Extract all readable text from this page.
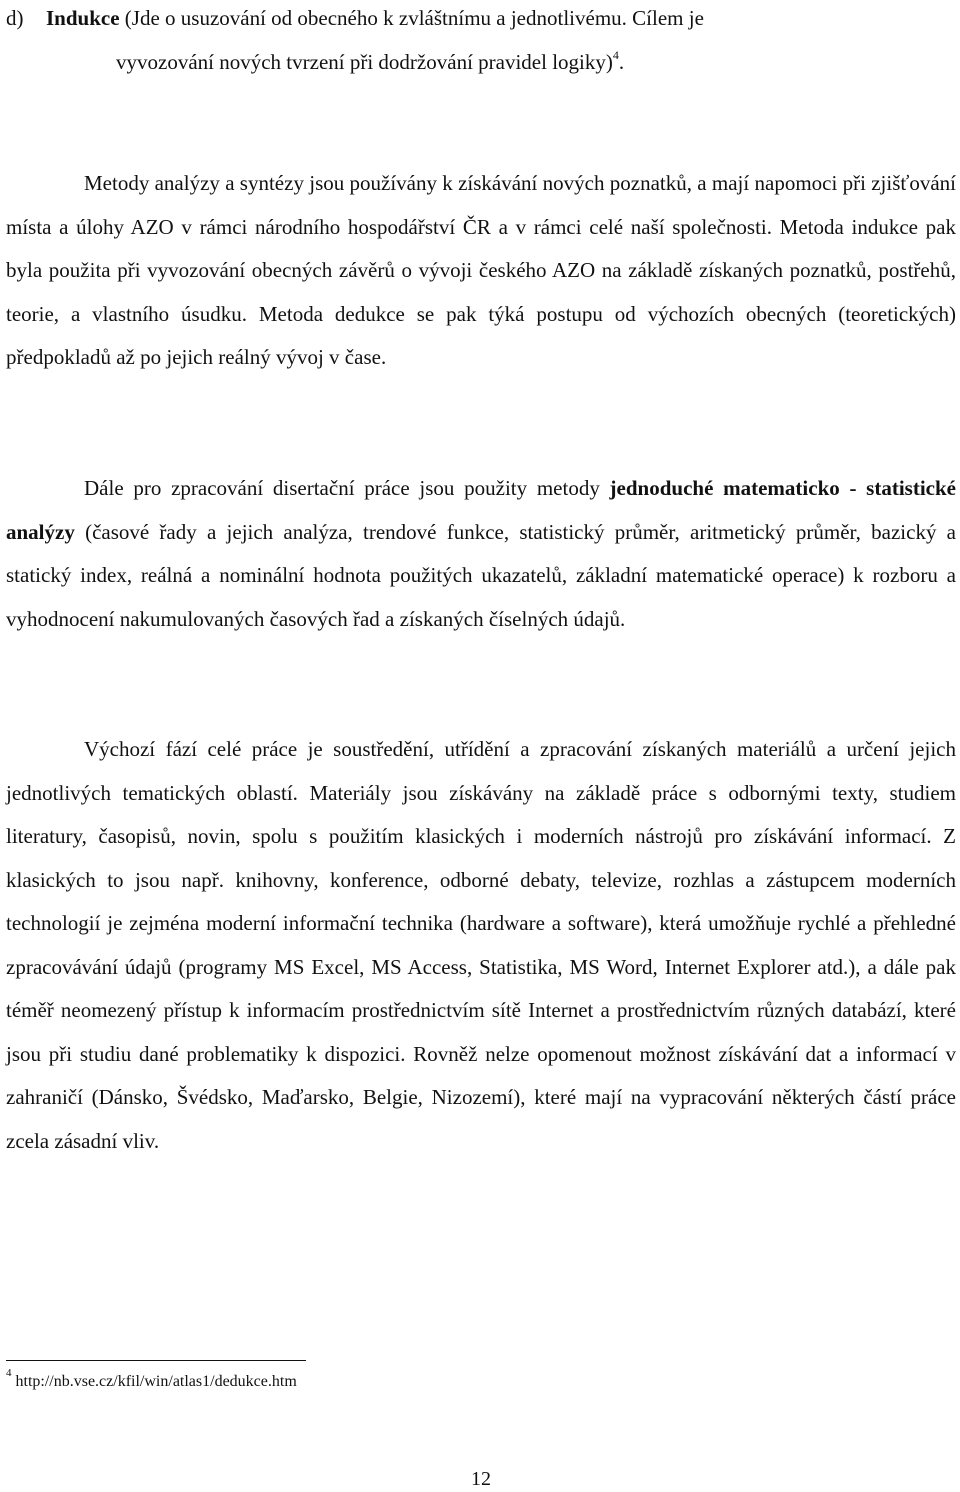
d) Indukce (Jde o usuzování od obecného k zvláštnímu a jednotlivému. Cílem je

vyvozování nových tvrzení při dodržování pravidel logiky)$^4$.

Metody analýzy a syntézy jsou používány k získávání nových poznatků, a mají napomoci při zjišťování místa a úlohy AZO v rámci národního hospodářství ČR a v rámci celé naší společnosti. Metoda indukce pak byla použita při vyvozování obecných závěrů o vývoji českého AZO na základě získaných poznatků, postřehů, teorie, a vlastního úsudku. Metoda dedukce se pak týká postupu od výchozích obecných (teoretických) předpokladů až po jejich reálný vývoj v čase.

Dále pro zpracování disertační práce jsou použity metody jednoduché matematicko - statistické analýzy (časové řady a jejich analýza, trendové funkce, statistický průměr, aritmetický průměr, bazický a statický index, reálná a nominální hodnota použitých ukazatelů, základní matematické operace) k rozboru a vyhodnocení nakumulovaných časových řad a získaných číselných údajů.

Výchozí fází celé práce je soustředění, utřídění a zpracování získaných materiálů a určení jejich jednotlivých tematických oblastí. Materiály jsou získávány na základě práce s odbornými texty, studiem literatury, časopisů, novin, spolu s použitím klasických i moderních nástrojů pro získávání informací. Z klasických to jsou např. knihovny, konference, odborné debaty, televize, rozhlas a zástupcem moderních technologií je zejména moderní informační technika (hardware a software), která umožňuje rychlé a přehledné zpracovávání údajů (programy MS Excel, MS Access, Statistika, MS Word, Internet Explorer atd.), a dále pak téměř neomezený přístup k informacím prostřednictvím sítě Internet a prostřednictvím různých databází, které jsou při studiu dané problematiky k dispozici. Rovněž nelze opomenout možnost získávání dat a informací v zahraničí (Dánsko, Švédsko, Maďarsko, Belgie, Nizozemí), které mají na vypracování některých částí práce zcela zásadní vliv.

$^4$ http://nb.vse.cz/kfil/win/atlas1/dedukce.htm
12
